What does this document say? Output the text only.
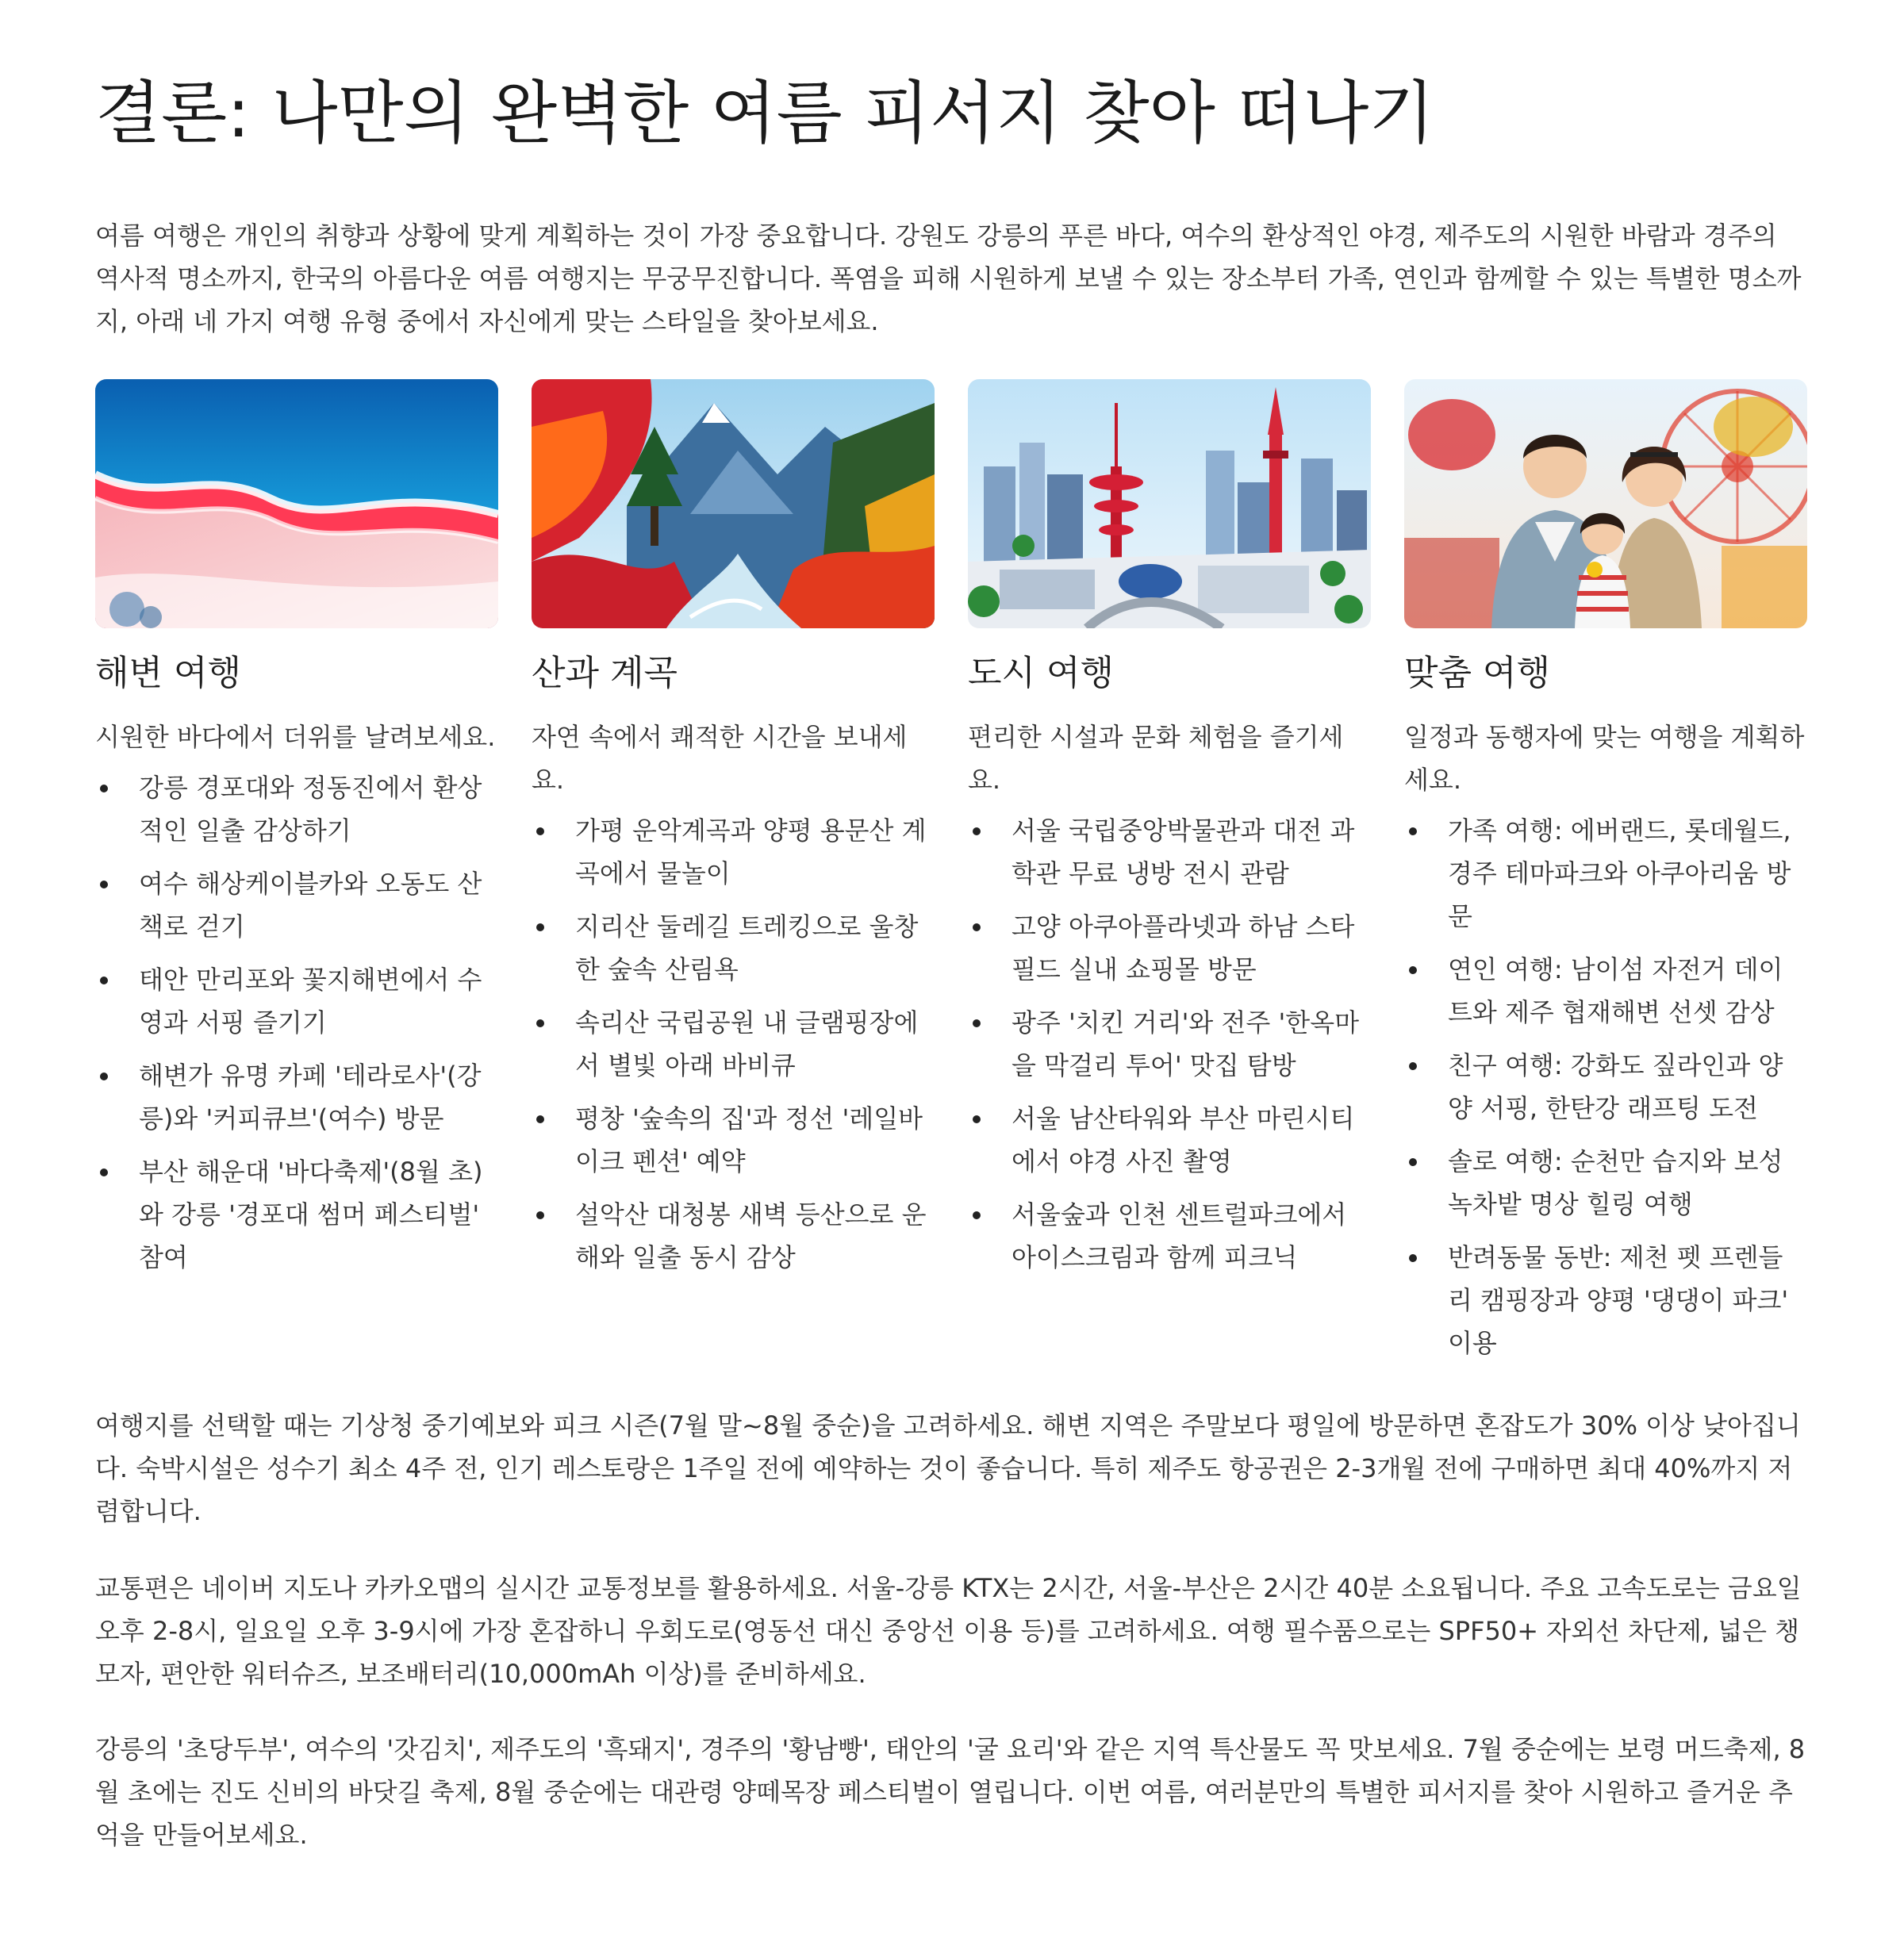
결론: 나만의 완벽한 여름 피서지 찾아 떠나기

여름 여행은 개인의 취향과 상황에 맞게 계획하는 것이 가장 중요합니다. 강원도 강릉의 푸른 바다, 여수의 환상적인 야경, 제주도의 시원한 바람과 경주의 역사적 명소까지, 한국의 아름다운 여름 여행지는 무궁무진합니다. 폭염을 피해 시원하게 보낼 수 있는 장소부터 가족, 연인과 함께할 수 있는 특별한 명소까지, 아래 네 가지 여행 유형 중에서 자신에게 맞는 스타일을 찾아보세요.

해변 여행

시원한 바다에서 더위를 날려보세요.

강릉 경포대와 정동진에서 환상적인 일출 감상하기
여수 해상케이블카와 오동도 산책로 걷기
태안 만리포와 꽃지해변에서 수영과 서핑 즐기기
해변가 유명 카페 '테라로사'(강릉)와 '커피큐브'(여수) 방문
부산 해운대 '바다축제'(8월 초)와 강릉 '경포대 썸머 페스티벌' 참여
산과 계곡

자연 속에서 쾌적한 시간을 보내세요.

가평 운악계곡과 양평 용문산 계곡에서 물놀이
지리산 둘레길 트레킹으로 울창한 숲속 산림욕
속리산 국립공원 내 글램핑장에서 별빛 아래 바비큐
평창 '숲속의 집'과 정선 '레일바이크 펜션' 예약
설악산 대청봉 새벽 등산으로 운해와 일출 동시 감상
도시 여행

편리한 시설과 문화 체험을 즐기세요.

서울 국립중앙박물관과 대전 과학관 무료 냉방 전시 관람
고양 아쿠아플라넷과 하남 스타필드 실내 쇼핑몰 방문
광주 '치킨 거리'와 전주 '한옥마을 막걸리 투어' 맛집 탐방
서울 남산타워와 부산 마린시티에서 야경 사진 촬영
서울숲과 인천 센트럴파크에서 아이스크림과 함께 피크닉
맞춤 여행

일정과 동행자에 맞는 여행을 계획하세요.

가족 여행: 에버랜드, 롯데월드, 경주 테마파크와 아쿠아리움 방문
연인 여행: 남이섬 자전거 데이트와 제주 협재해변 선셋 감상
친구 여행: 강화도 짚라인과 양양 서핑, 한탄강 래프팅 도전
솔로 여행: 순천만 습지와 보성 녹차밭 명상 힐링 여행
반려동물 동반: 제천 펫 프렌들리 캠핑장과 양평 '댕댕이 파크' 이용

여행지를 선택할 때는 기상청 중기예보와 피크 시즌(7월 말~8월 중순)을 고려하세요. 해변 지역은 주말보다 평일에 방문하면 혼잡도가 30% 이상 낮아집니다. 숙박시설은 성수기 최소 4주 전, 인기 레스토랑은 1주일 전에 예약하는 것이 좋습니다. 특히 제주도 항공권은 2-3개월 전에 구매하면 최대 40%까지 저렴합니다.

교통편은 네이버 지도나 카카오맵의 실시간 교통정보를 활용하세요. 서울-강릉 KTX는 2시간, 서울-부산은 2시간 40분 소요됩니다. 주요 고속도로는 금요일 오후 2-8시, 일요일 오후 3-9시에 가장 혼잡하니 우회도로(영동선 대신 중앙선 이용 등)를 고려하세요. 여행 필수품으로는 SPF50+ 자외선 차단제, 넓은 챙 모자, 편안한 워터슈즈, 보조배터리(10,000mAh 이상)를 준비하세요.

강릉의 '초당두부', 여수의 '갓김치', 제주도의 '흑돼지', 경주의 '황남빵', 태안의 '굴 요리'와 같은 지역 특산물도 꼭 맛보세요. 7월 중순에는 보령 머드축제, 8월 초에는 진도 신비의 바닷길 축제, 8월 중순에는 대관령 양떼목장 페스티벌이 열립니다. 이번 여름, 여러분만의 특별한 피서지를 찾아 시원하고 즐거운 추억을 만들어보세요.
